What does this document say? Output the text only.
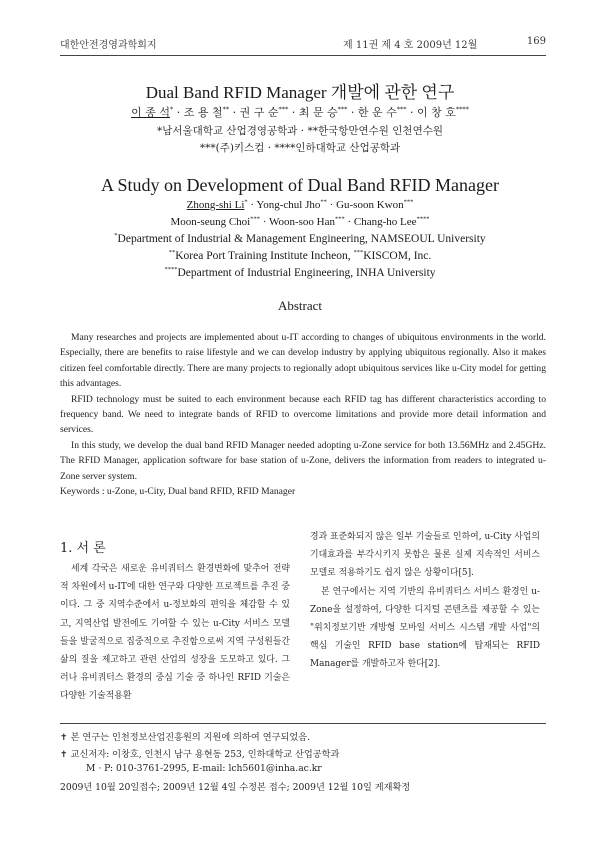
대한안전경영과학회지	제 11권 제 4 호 2009년 12월	169
Dual Band RFID Manager 개발에 관한 연구
이 종 석* · 조 용 철** · 권 구 순*** · 최 문 승*** · 한 운 수*** · 이 창 호****
*남서울대학교 산업경영공학과 · **한국항만연수원 인천연수원
***(주)키스컴 · ****인하대학교 산업공학과
A Study on Development of Dual Band RFID Manager
Zhong-shi Li* · Yong-chul Jho** · Gu-soon Kwon***
Moon-seung Choi*** · Woon-soo Han*** · Chang-ho Lee****
*Department of Industrial & Management Engineering, NAMSEOUL University
**Korea Port Training Institute Incheon, ***KISCOM, Inc.
****Department of Industrial Engineering, INHA University
Abstract

Many researches and projects are implemented about u-IT according to changes of ubiquitous environments in the world. Especially, there are benefits to raise lifestyle and we can develop industry by applying ubiquitous regionally. Also it makes citizen feel comfortable directly. There are many projects to regionally adopt ubiquitous services like u-City model for getting this advantages.

RFID technology must be suited to each environment because each RFID tag has different characteristics according to frequency band. We need to integrate bands of RFID to overcome limitations and provide more detail information and services.

In this study, we develop the dual band RFID Manager needed adopting u-Zone service for both 13.56MHz and 2.45GHz. The RFID Manager, application software for base station of u-Zone, delivers the information from readers to integrated u-Zone server system.

Keywords : u-Zone, u-City, Dual band RFID, RFID Manager

1. 서 론

세계 각국은 새로운 유비쿼터스 환경변화에 맞추어 전략적 차원에서 u-IT에 대한 연구와 다양한 프로젝트를 추진 중이다. 그 중 지역수준에서 u-정보화의 편익을 체감할 수 있고, 지역산업 발전에도 기여할 수 있는 u-City 서비스 모델들을 발굴적으로 집중적으로 추진함으로써 지역 구성원들간 삶의 질을 제고하고 관련 산업의 성장을 도모하고 있다. 그러나 유비쿼터스 환경의 중심 기술 중 하나인 RFID 기술은 다양한 기술적용환

경과 표준화되지 않은 일부 기술들로 인하여, u-City 사업의 기대효과를 부각시키지 못함은 물론 실제 지속적인 서비스모델로 적용하기도 쉽지 않은 상황이다[5].

본 연구에서는 지역 기반의 유비쿼터스 서비스 환경인 u-Zone을 설정하여, 다양한 디지털 콘텐츠를 제공할 수 있는 "위치정보기반 개방형 모바일 서비스 시스템 개발 사업"의 핵심 기술인 RFID base station에 탑재되는 RFID Manager를 개발하고자 한다[2].

✝ 본 연구는 인천정보산업진흥원의 지원에 의하여 연구되었음.
✝ 교신저자: 이창호, 인천시 남구 용현동 253, 인하대학교 산업공학과
M · P: 010-3761-2995, E-mail: lch5601@inha.ac.kr
2009년 10월 20일접수; 2009년 12월 4일 수정본 접수; 2009년 12월 10일 게재확정
